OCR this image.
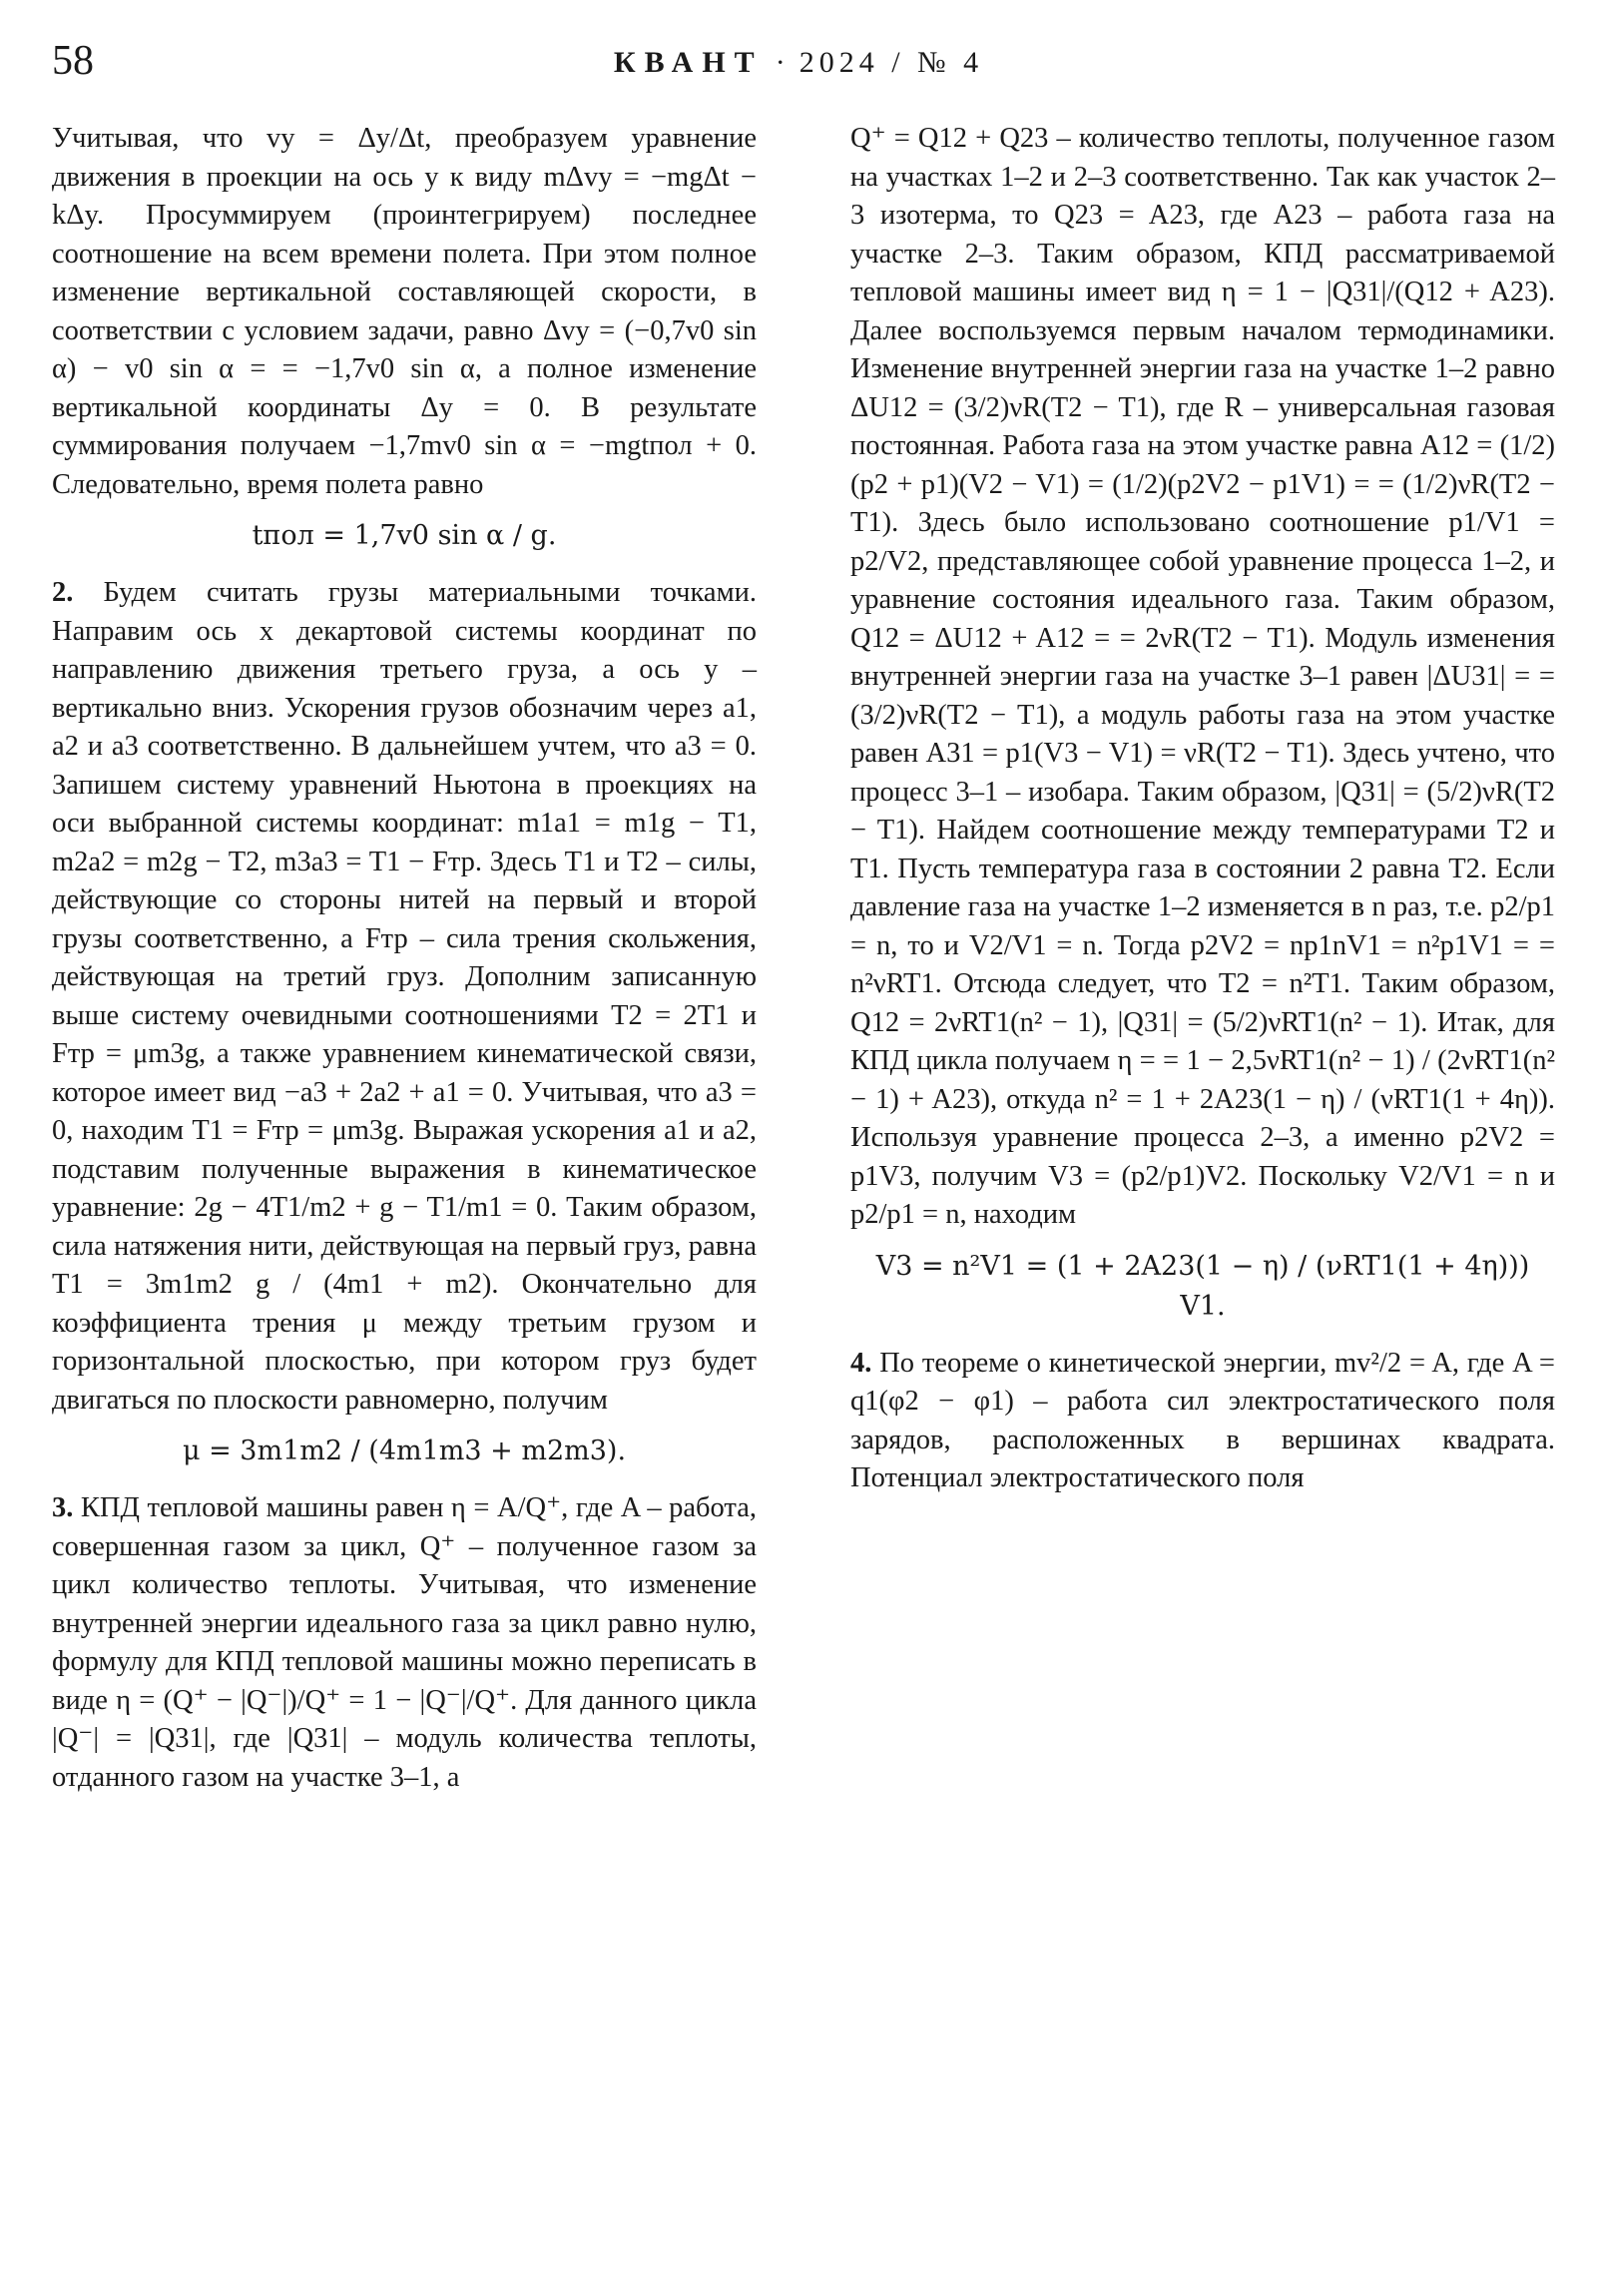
58	КВАНТ · 2024 / № 4

Учитывая, что vy = Δy/Δt, преобразуем уравнение движения в проекции на ось y к виду mΔvy = −mgΔt − kΔy. Просуммируем (проинтегрируем) последнее соотношение на всем времени полета. При этом полное изменение вертикальной составляющей скорости, в соответствии с условием задачи, равно Δvy = (−0,7v0 sin α) − v0 sin α = = −1,7v0 sin α, а полное изменение вертикальной координаты Δy = 0. В результате суммирования получаем −1,7mv0 sin α = −mgtпол + 0. Следовательно, время полета равно

tпол = 1,7v0 sin α / g.

2. Будем считать грузы материальными точками. Направим ось x декартовой системы координат по направлению движения третьего груза, а ось y – вертикально вниз. Ускорения грузов обозначим через a1, a2 и a3 соответственно. В дальнейшем учтем, что a3 = 0. Запишем систему уравнений Ньютона в проекциях на оси выбранной системы координат: m1a1 = m1g − T1, m2a2 = m2g − T2, m3a3 = T1 − Fтр. Здесь T1 и T2 – силы, действующие со стороны нитей на первый и второй грузы соответственно, а Fтр – сила трения скольжения, действующая на третий груз. Дополним записанную выше систему очевидными соотношениями T2 = 2T1 и Fтр = μm3g, а также уравнением кинематической связи, которое имеет вид −a3 + 2a2 + a1 = 0. Учитывая, что a3 = 0, находим T1 = Fтр = μm3g. Выражая ускорения a1 и a2, подставим полученные выражения в кинематическое уравнение: 2g − 4T1/m2 + g − T1/m1 = 0. Таким образом, сила натяжения нити, действующая на первый груз, равна T1 = 3m1m2 g / (4m1 + m2). Окончательно для коэффициента трения μ между третьим грузом и горизонтальной плоскостью, при котором груз будет двигаться по плоскости равномерно, получим

μ = 3m1m2 / (4m1m3 + m2m3).

3. КПД тепловой машины равен η = A/Q⁺, где A – работа, совершенная газом за цикл, Q⁺ – полученное газом за цикл количество теплоты. Учитывая, что изменение внутренней энергии идеального газа за цикл равно нулю, формулу для КПД тепловой машины можно переписать в виде η = (Q⁺ − |Q⁻|)/Q⁺ = 1 − |Q⁻|/Q⁺. Для данного цикла |Q⁻| = |Q31|, где |Q31| – модуль количества теплоты, отданного газом на участке 3–1, а

Q⁺ = Q12 + Q23 – количество теплоты, полученное газом на участках 1–2 и 2–3 соответственно. Так как участок 2–3 изотерма, то Q23 = A23, где A23 – работа газа на участке 2–3. Таким образом, КПД рассматриваемой тепловой машины имеет вид η = 1 − |Q31|/(Q12 + A23). Далее воспользуемся первым началом термодинамики. Изменение внутренней энергии газа на участке 1–2 равно ΔU12 = (3/2)νR(T2 − T1), где R – универсальная газовая постоянная. Работа газа на этом участке равна A12 = (1/2)(p2 + p1)(V2 − V1) = (1/2)(p2V2 − p1V1) = = (1/2)νR(T2 − T1). Здесь было использовано соотношение p1/V1 = p2/V2, представляющее собой уравнение процесса 1–2, и уравнение состояния идеального газа. Таким образом, Q12 = ΔU12 + A12 = = 2νR(T2 − T1). Модуль изменения внутренней энергии газа на участке 3–1 равен |ΔU31| = = (3/2)νR(T2 − T1), а модуль работы газа на этом участке равен A31 = p1(V3 − V1) = νR(T2 − T1). Здесь учтено, что процесс 3–1 – изобара. Таким образом, |Q31| = (5/2)νR(T2 − T1). Найдем соотношение между температурами T2 и T1. Пусть температура газа в состоянии 2 равна T2. Если давление газа на участке 1–2 изменяется в n раз, т.е. p2/p1 = n, то и V2/V1 = n. Тогда p2V2 = np1nV1 = n²p1V1 = = n²νRT1. Отсюда следует, что T2 = n²T1. Таким образом, Q12 = 2νRT1(n² − 1), |Q31| = (5/2)νRT1(n² − 1). Итак, для КПД цикла получаем η = = 1 − 2,5νRT1(n² − 1) / (2νRT1(n² − 1) + A23), откуда n² = 1 + 2A23(1 − η) / (νRT1(1 + 4η)). Используя уравнение процесса 2–3, а именно p2V2 = p1V3, получим V3 = (p2/p1)V2. Поскольку V2/V1 = n и p2/p1 = n, находим

V3 = n²V1 = (1 + 2A23(1 − η) / (νRT1(1 + 4η))) V1.

4. По теореме о кинетической энергии, mv²/2 = A, где A = q1(φ2 − φ1) – работа сил электростатического поля зарядов, расположенных в вершинах квадрата. Потенциал электростатического поля
